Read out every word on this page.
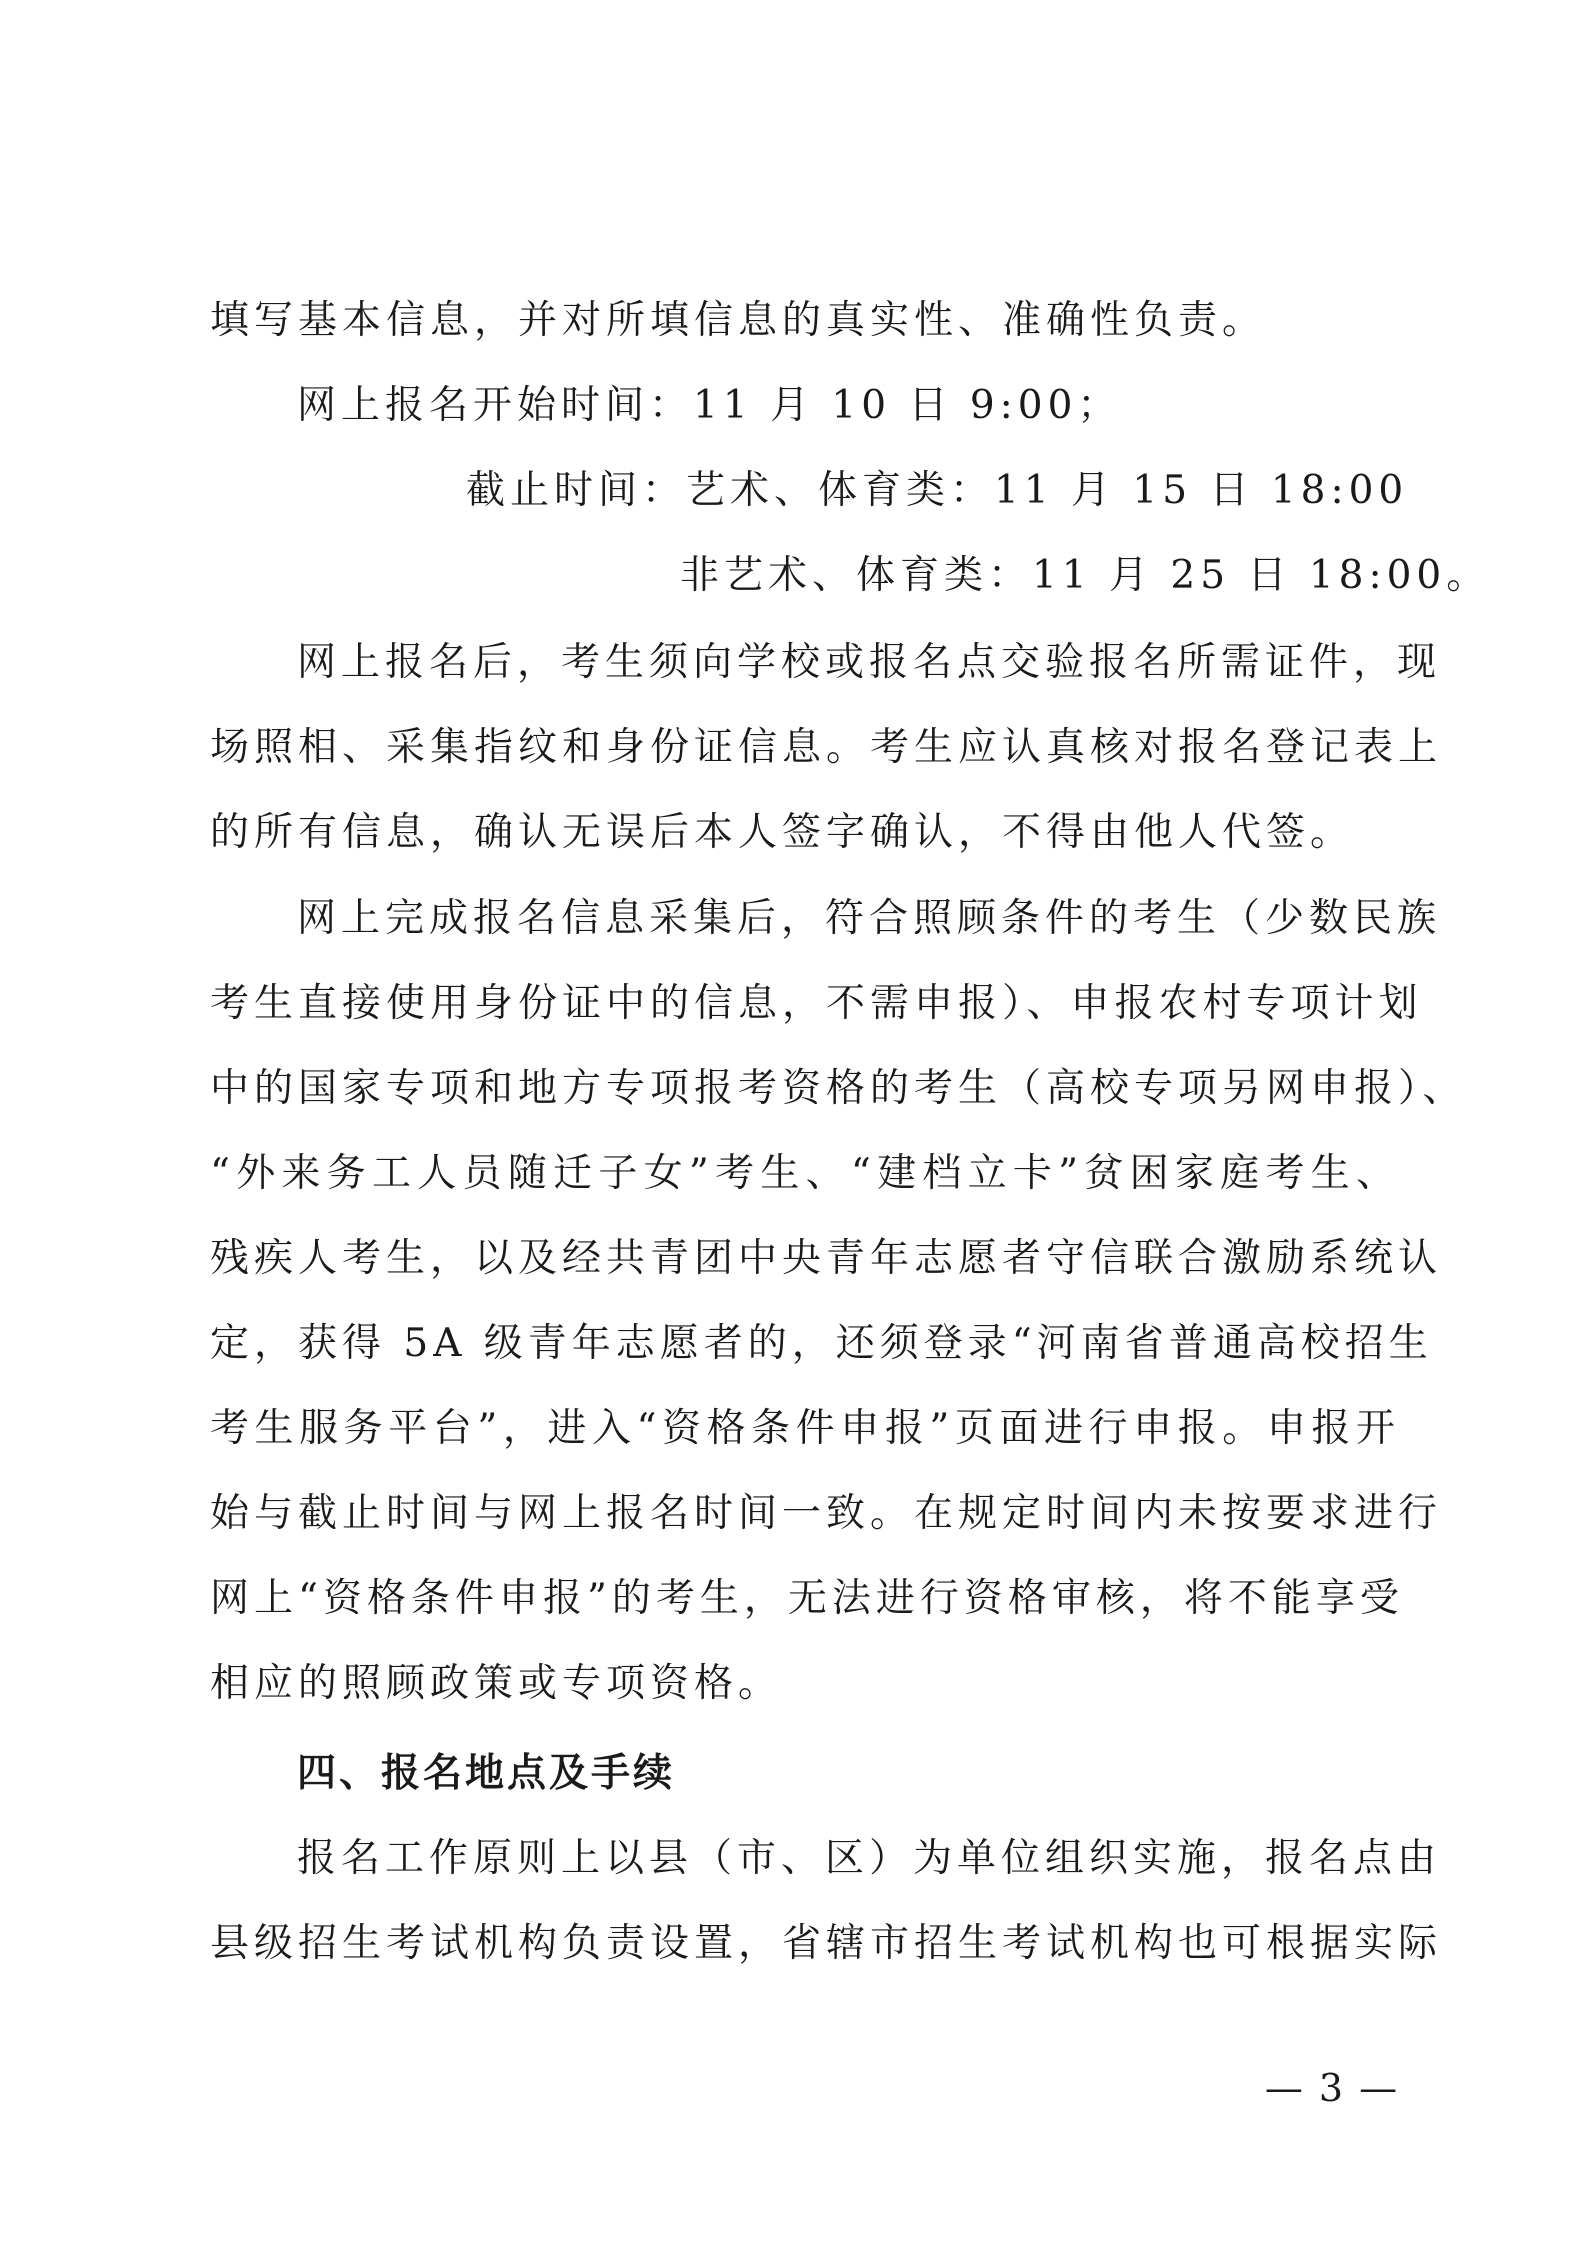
填写基本信息，并对所填信息的真实性、准确性负责。
网上报名开始时间：11 月 10 日 9:00；
截止时间：艺术、体育类：11 月 15 日 18:00
非艺术、体育类：11 月 25 日 18:00。
网上报名后，考生须向学校或报名点交验报名所需证件，现
场照相、采集指纹和身份证信息。考生应认真核对报名登记表上
的所有信息，确认无误后本人签字确认，不得由他人代签。
网上完成报名信息采集后，符合照顾条件的考生（少数民族
考生直接使用身份证中的信息，不需申报）、申报农村专项计划
中的国家专项和地方专项报考资格的考生（高校专项另网申报）、
“外来务工人员随迁子女”考生、“建档立卡”贫困家庭考生、
残疾人考生，以及经共青团中央青年志愿者守信联合激励系统认
定，获得 5A 级青年志愿者的，还须登录“河南省普通高校招生
考生服务平台”，进入“资格条件申报”页面进行申报。申报开
始与截止时间与网上报名时间一致。在规定时间内未按要求进行
网上“资格条件申报”的考生，无法进行资格审核，将不能享受
相应的照顾政策或专项资格。
四、报名地点及手续
报名工作原则上以县（市、区）为单位组织实施，报名点由
县级招生考试机构负责设置，省辖市招生考试机构也可根据实际
— 3 —
